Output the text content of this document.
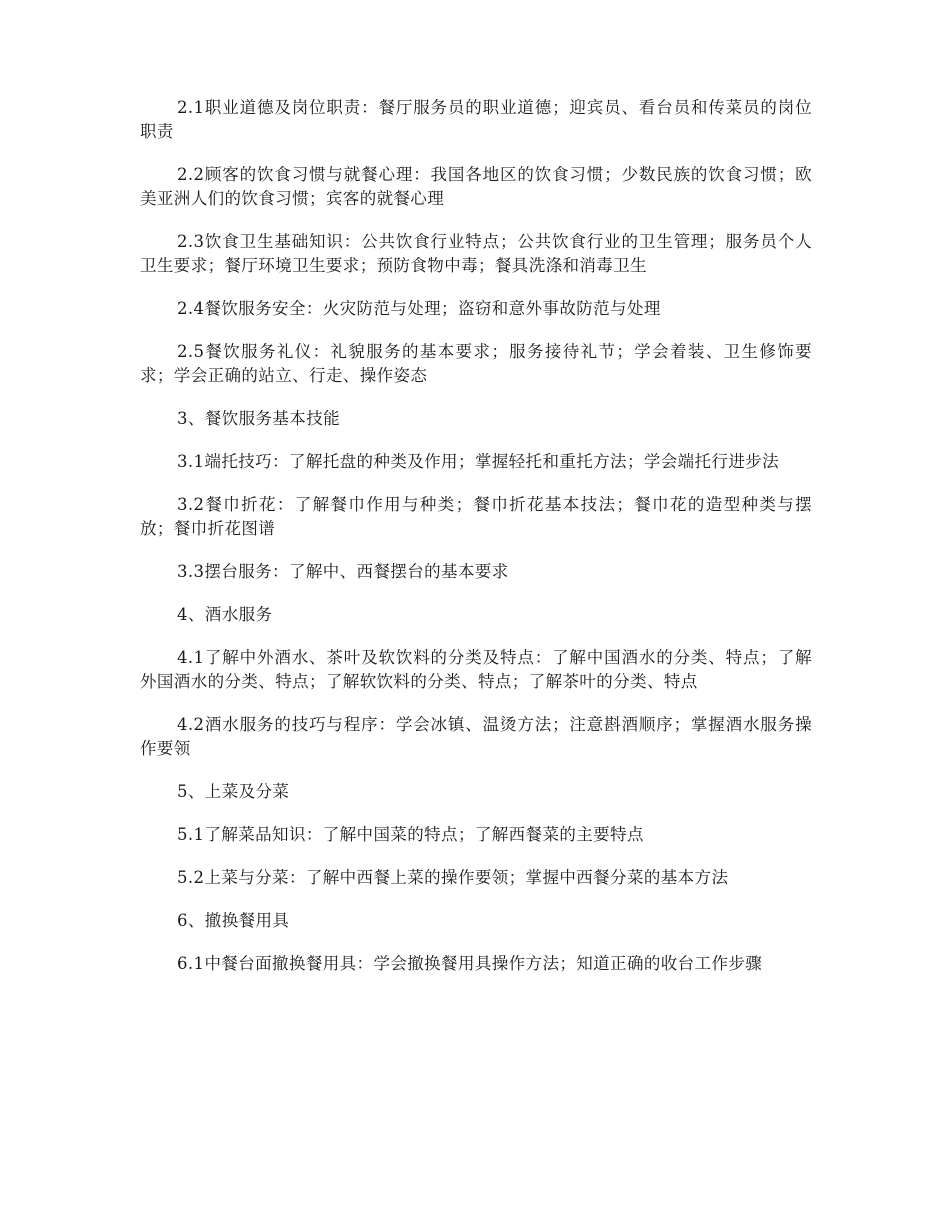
2.1职业道德及岗位职责：餐厅服务员的职业道德；迎宾员、看台员和传菜员的岗位职责

2.2顾客的饮食习惯与就餐心理：我国各地区的饮食习惯；少数民族的饮食习惯；欧美亚洲人们的饮食习惯；宾客的就餐心理

2.3饮食卫生基础知识：公共饮食行业特点；公共饮食行业的卫生管理；服务员个人卫生要求；餐厅环境卫生要求；预防食物中毒；餐具洗涤和消毒卫生

2.4餐饮服务安全：火灾防范与处理；盗窃和意外事故防范与处理

2.5餐饮服务礼仪：礼貌服务的基本要求；服务接待礼节；学会着装、卫生修饰要求；学会正确的站立、行走、操作姿态

3、餐饮服务基本技能

3.1端托技巧：了解托盘的种类及作用；掌握轻托和重托方法；学会端托行进步法

3.2餐巾折花：了解餐巾作用与种类；餐巾折花基本技法；餐巾花的造型种类与摆放；餐巾折花图谱

3.3摆台服务：了解中、西餐摆台的基本要求

4、酒水服务

4.1了解中外酒水、茶叶及软饮料的分类及特点：了解中国酒水的分类、特点；了解外国酒水的分类、特点；了解软饮料的分类、特点；了解茶叶的分类、特点

4.2酒水服务的技巧与程序：学会冰镇、温烫方法；注意斟酒顺序；掌握酒水服务操作要领

5、上菜及分菜

5.1了解菜品知识：了解中国菜的特点；了解西餐菜的主要特点

5.2上菜与分菜：了解中西餐上菜的操作要领；掌握中西餐分菜的基本方法

6、撤换餐用具

6.1中餐台面撤换餐用具：学会撤换餐用具操作方法；知道正确的收台工作步骤
